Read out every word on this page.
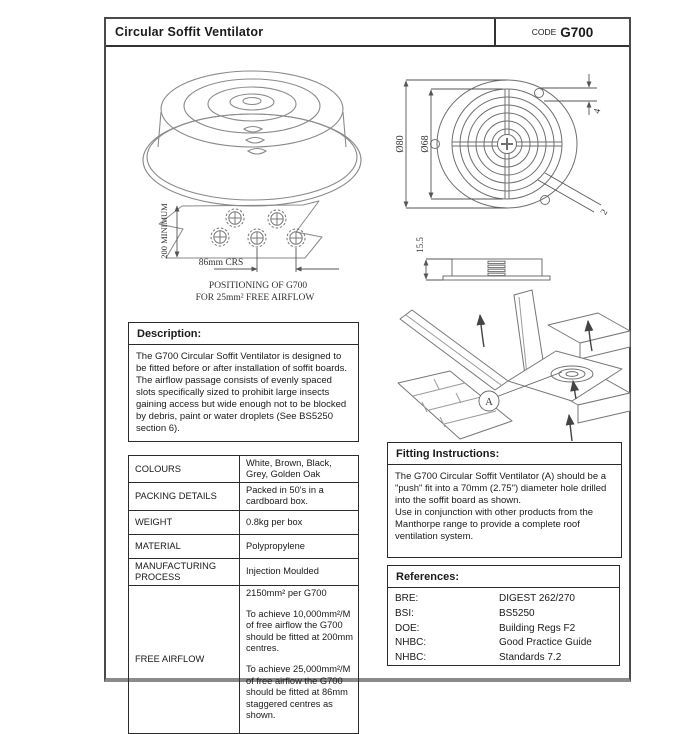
Circular Soffit Ventilator	CODE G700
200 MINIMUM
86mm CRS
POSITIONING OF G700
FOR 25mm² FREE AIRFLOW
Ø80 Ø68
4
2
15.5
A
Description:
The G700 Circular Soffit Ventilator is designed to be fitted before or after installation of soffit boards. The airflow passage consists of evenly spaced slots specifically sized to prohibit large insects gaining access but wide enough not to be blocked by debris, paint or water droplets (See BS5250 section 6).
COLOURS	White, Brown, Black, Grey, Golden Oak
PACKING DETAILS	Packed in 50's in a cardboard box.
WEIGHT	0.8kg per box
MATERIAL	Polypropylene
MANUFACTURING PROCESS	Injection Moulded
FREE AIRFLOW	2150mm² per G700

To achieve 10,000mm²/M of free airflow the G700 should be fitted at 200mm centres.

To achieve 25,000mm²/M of free airflow the G700 should be fitted at 86mm staggered centres as shown.

Fitting Instructions:
The G700 Circular Soffit Ventilator (A) should be a "push" fit into a 70mm (2.75") diameter hole drilled into the soffit board as shown.
Use in conjunction with other products from the Manthorpe range to provide a complete roof ventilation system.
References:
BRE:	DIGEST 262/270
BSI:	BS5250
DOE:	Building Regs F2
NHBC:	Good Practice Guide
NHBC:	Standards 7.2
